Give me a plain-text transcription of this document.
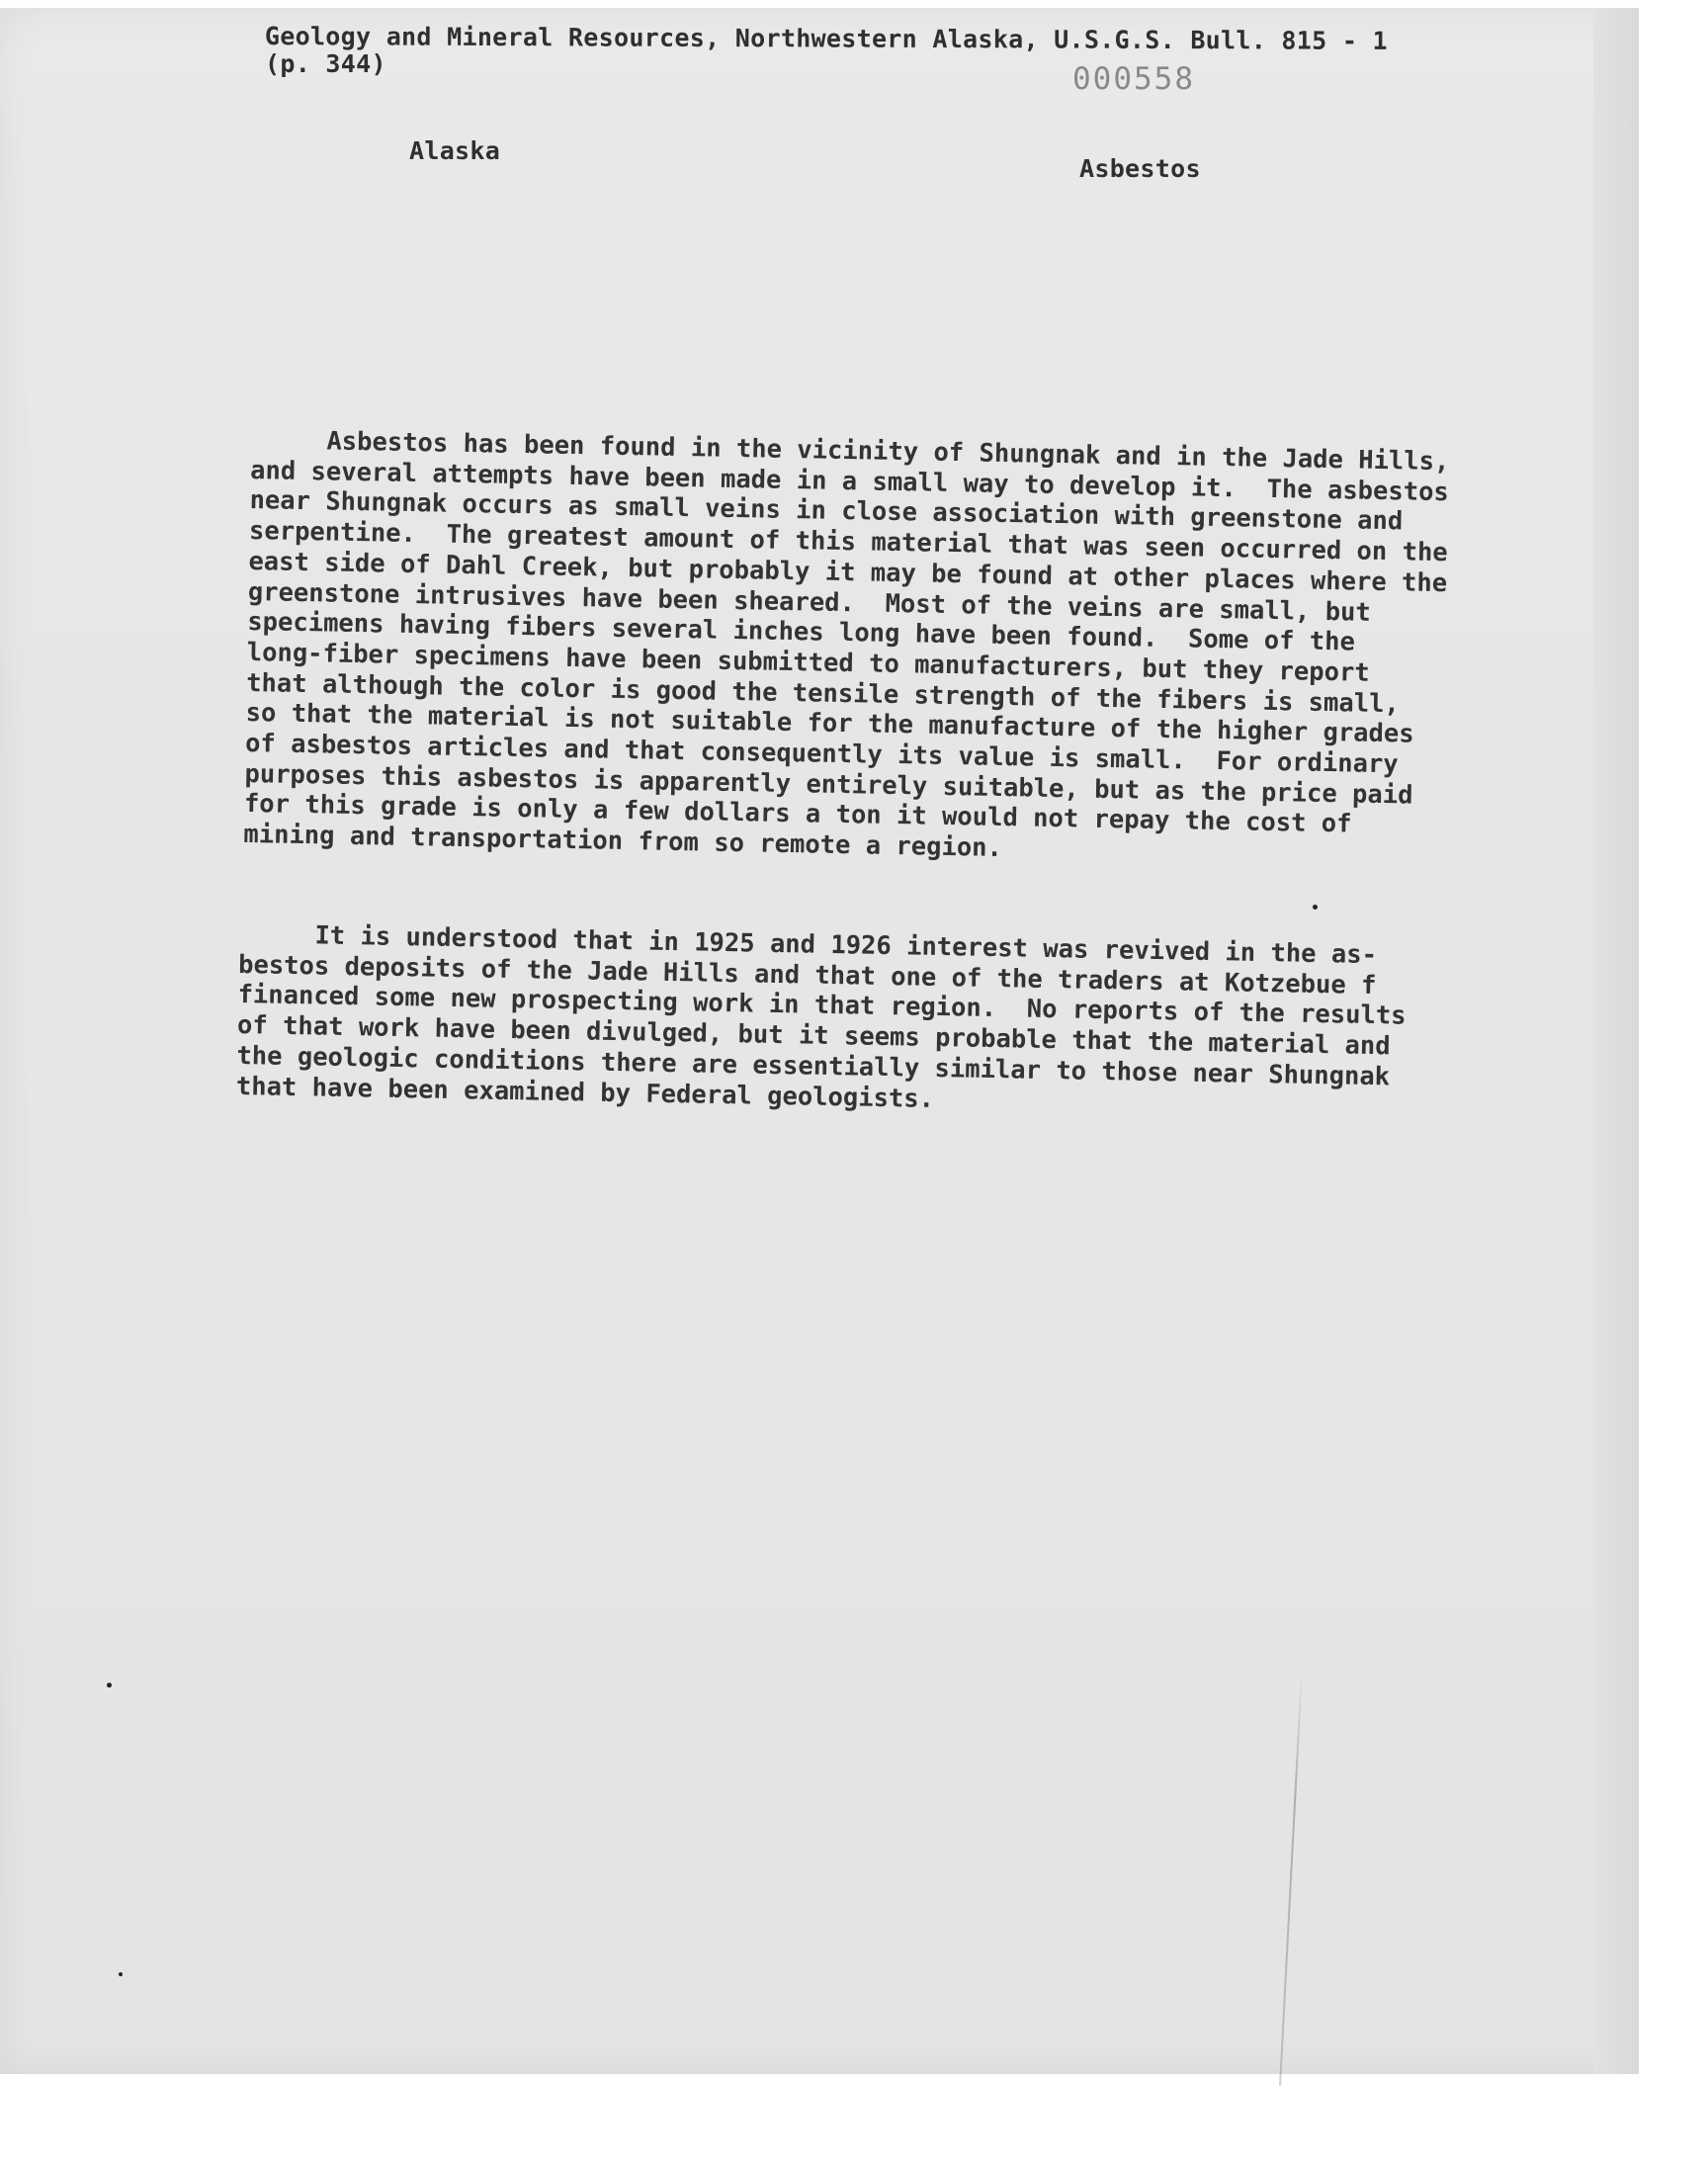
Geology and Mineral Resources, Northwestern Alaska, U.S.G.S. Bull. 815 - 1
(p. 344)	000558
Alaska
Asbestos
Asbestos has been found in the vicinity of Shungnak and in the Jade Hills,
and several attempts have been made in a small way to develop it.  The asbestos
near Shungnak occurs as small veins in close association with greenstone and
serpentine.  The greatest amount of this material that was seen occurred on the
east side of Dahl Creek, but probably it may be found at other places where the
greenstone intrusives have been sheared.  Most of the veins are small, but
specimens having fibers several inches long have been found.  Some of the
long-fiber specimens have been submitted to manufacturers, but they report
that although the color is good the tensile strength of the fibers is small,
so that the material is not suitable for the manufacture of the higher grades
of asbestos articles and that consequently its value is small.  For ordinary
purposes this asbestos is apparently entirely suitable, but as the price paid
for this grade is only a few dollars a ton it would not repay the cost of
mining and transportation from so remote a region.
It is understood that in 1925 and 1926 interest was revived in the as-
bestos deposits of the Jade Hills and that one of the traders at Kotzebue f
financed some new prospecting work in that region.  No reports of the results
of that work have been divulged, but it seems probable that the material and
the geologic conditions there are essentially similar to those near Shungnak
that have been examined by Federal geologists.
